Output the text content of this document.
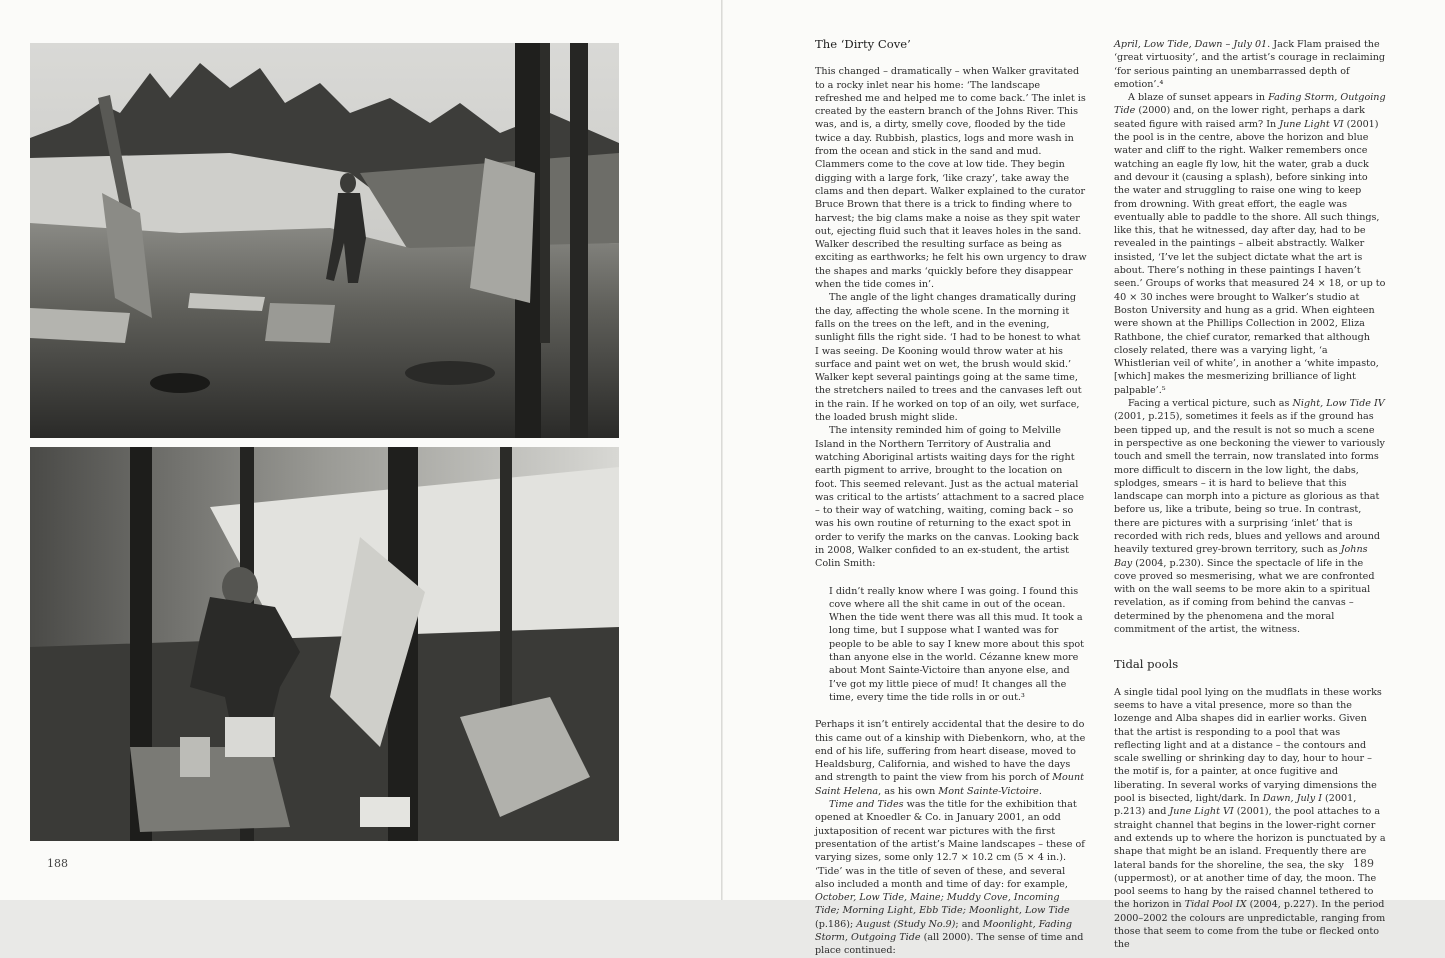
188
The ‘Dirty Cove’

This changed – dramatically – when Walker gravitated to a rocky inlet near his home: ‘The landscape refreshed me and helped me to come back.’ The inlet is created by the eastern branch of the Johns River. This was, and is, a dirty, smelly cove, flooded by the tide twice a day. Rubbish, plastics, logs and more wash in from the ocean and stick in the sand and mud. Clammers come to the cove at low tide. They begin digging with a large fork, ‘like crazy’, take away the clams and then depart. Walker explained to the curator Bruce Brown that there is a trick to finding where to harvest; the big clams make a noise as they spit water out, ejecting fluid such that it leaves holes in the sand. Walker described the resulting surface as being as exciting as earthworks; he felt his own urgency to draw the shapes and marks ‘quickly before they disappear when the tide comes in’.

The angle of the light changes dramatically during the day, affecting the whole scene. In the morning it falls on the trees on the left, and in the evening, sunlight fills the right side. ‘I had to be honest to what I was seeing. De Kooning would throw water at his surface and paint wet on wet, the brush would skid.’ Walker kept several paintings going at the same time, the stretchers nailed to trees and the canvases left out in the rain. If he worked on top of an oily, wet surface, the loaded brush might slide.

The intensity reminded him of going to Melville Island in the Northern Territory of Australia and watching Aboriginal artists waiting days for the right earth pigment to arrive, brought to the location on foot. This seemed relevant. Just as the actual material was critical to the artists’ attachment to a sacred place – to their way of watching, waiting, coming back – so was his own routine of returning to the exact spot in order to verify the marks on the canvas. Looking back in 2008, Walker confided to an ex-student, the artist Colin Smith:

I didn’t really know where I was going. I found this cove where all the shit came in out of the ocean. When the tide went there was all this mud. It took a long time, but I suppose what I wanted was for people to be able to say I knew more about this spot than anyone else in the world. Cézanne knew more about Mont Sainte-Victoire than anyone else, and I’ve got my little piece of mud! It changes all the time, every time the tide rolls in or out.³

Perhaps it isn’t entirely accidental that the desire to do this came out of a kinship with Diebenkorn, who, at the end of his life, suffering from heart disease, moved to Healdsburg, California, and wished to have the days and strength to paint the view from his porch of Mount Saint Helena, as his own Mont Sainte-Victoire.

Time and Tides was the title for the exhibition that opened at Knoedler & Co. in January 2001, an odd juxtaposition of recent war pictures with the first presentation of the artist’s Maine landscapes – these of varying sizes, some only 12.7 × 10.2 cm (5 × 4 in.). ‘Tide’ was in the title of seven of these, and several also included a month and time of day: for example, October, Low Tide, Maine; Muddy Cove, Incoming Tide; Morning Light, Ebb Tide; Moonlight, Low Tide (p.186); August (Study No.9); and Moonlight, Fading Storm, Outgoing Tide (all 2000). The sense of time and place continued:

April, Low Tide, Dawn – July 01. Jack Flam praised the ‘great virtuosity’, and the artist’s courage in reclaiming ‘for serious painting an unembarrassed depth of emotion’.⁴

A blaze of sunset appears in Fading Storm, Outgoing Tide (2000) and, on the lower right, perhaps a dark seated figure with raised arm? In June Light VI (2001) the pool is in the centre, above the horizon and blue water and cliff to the right. Walker remembers once watching an eagle fly low, hit the water, grab a duck and devour it (causing a splash), before sinking into the water and struggling to raise one wing to keep from drowning. With great effort, the eagle was eventually able to paddle to the shore. All such things, like this, that he witnessed, day after day, had to be revealed in the paintings – albeit abstractly. Walker insisted, ‘I’ve let the subject dictate what the art is about. There’s nothing in these paintings I haven’t seen.’ Groups of works that measured 24 × 18, or up to 40 × 30 inches were brought to Walker’s studio at Boston University and hung as a grid. When eighteen were shown at the Phillips Collection in 2002, Eliza Rathbone, the chief curator, remarked that although closely related, there was a varying light, ‘a Whistlerian veil of white’, in another a ‘white impasto, [which] makes the mesmerizing brilliance of light palpable’.⁵

Facing a vertical picture, such as Night, Low Tide IV (2001, p.215), sometimes it feels as if the ground has been tipped up, and the result is not so much a scene in perspective as one beckoning the viewer to variously touch and smell the terrain, now translated into forms more difficult to discern in the low light, the dabs, splodges, smears – it is hard to believe that this landscape can morph into a picture as glorious as that before us, like a tribute, being so true. In contrast, there are pictures with a surprising ‘inlet’ that is recorded with rich reds, blues and yellows and around heavily textured grey-brown territory, such as Johns Bay (2004, p.230). Since the spectacle of life in the cove proved so mesmerising, what we are confronted with on the wall seems to be more akin to a spiritual revelation, as if coming from behind the canvas – determined by the phenomena and the moral commitment of the artist, the witness.

Tidal pools

A single tidal pool lying on the mudflats in these works seems to have a vital presence, more so than the lozenge and Alba shapes did in earlier works. Given that the artist is responding to a pool that was reflecting light and at a distance – the contours and scale swelling or shrinking day to day, hour to hour – the motif is, for a painter, at once fugitive and liberating. In several works of varying dimensions the pool is bisected, light/dark. In Dawn, July I (2001, p.213) and June Light VI (2001), the pool attaches to a straight channel that begins in the lower-right corner and extends up to where the horizon is punctuated by a shape that might be an island. Frequently there are lateral bands for the shoreline, the sea, the sky (uppermost), or at another time of day, the moon. The pool seems to hang by the raised channel tethered to the horizon in Tidal Pool IX (2004, p.227). In the period 2000–2002 the colours are unpredictable, ranging from those that seem to come from the tube or flecked onto the

189
